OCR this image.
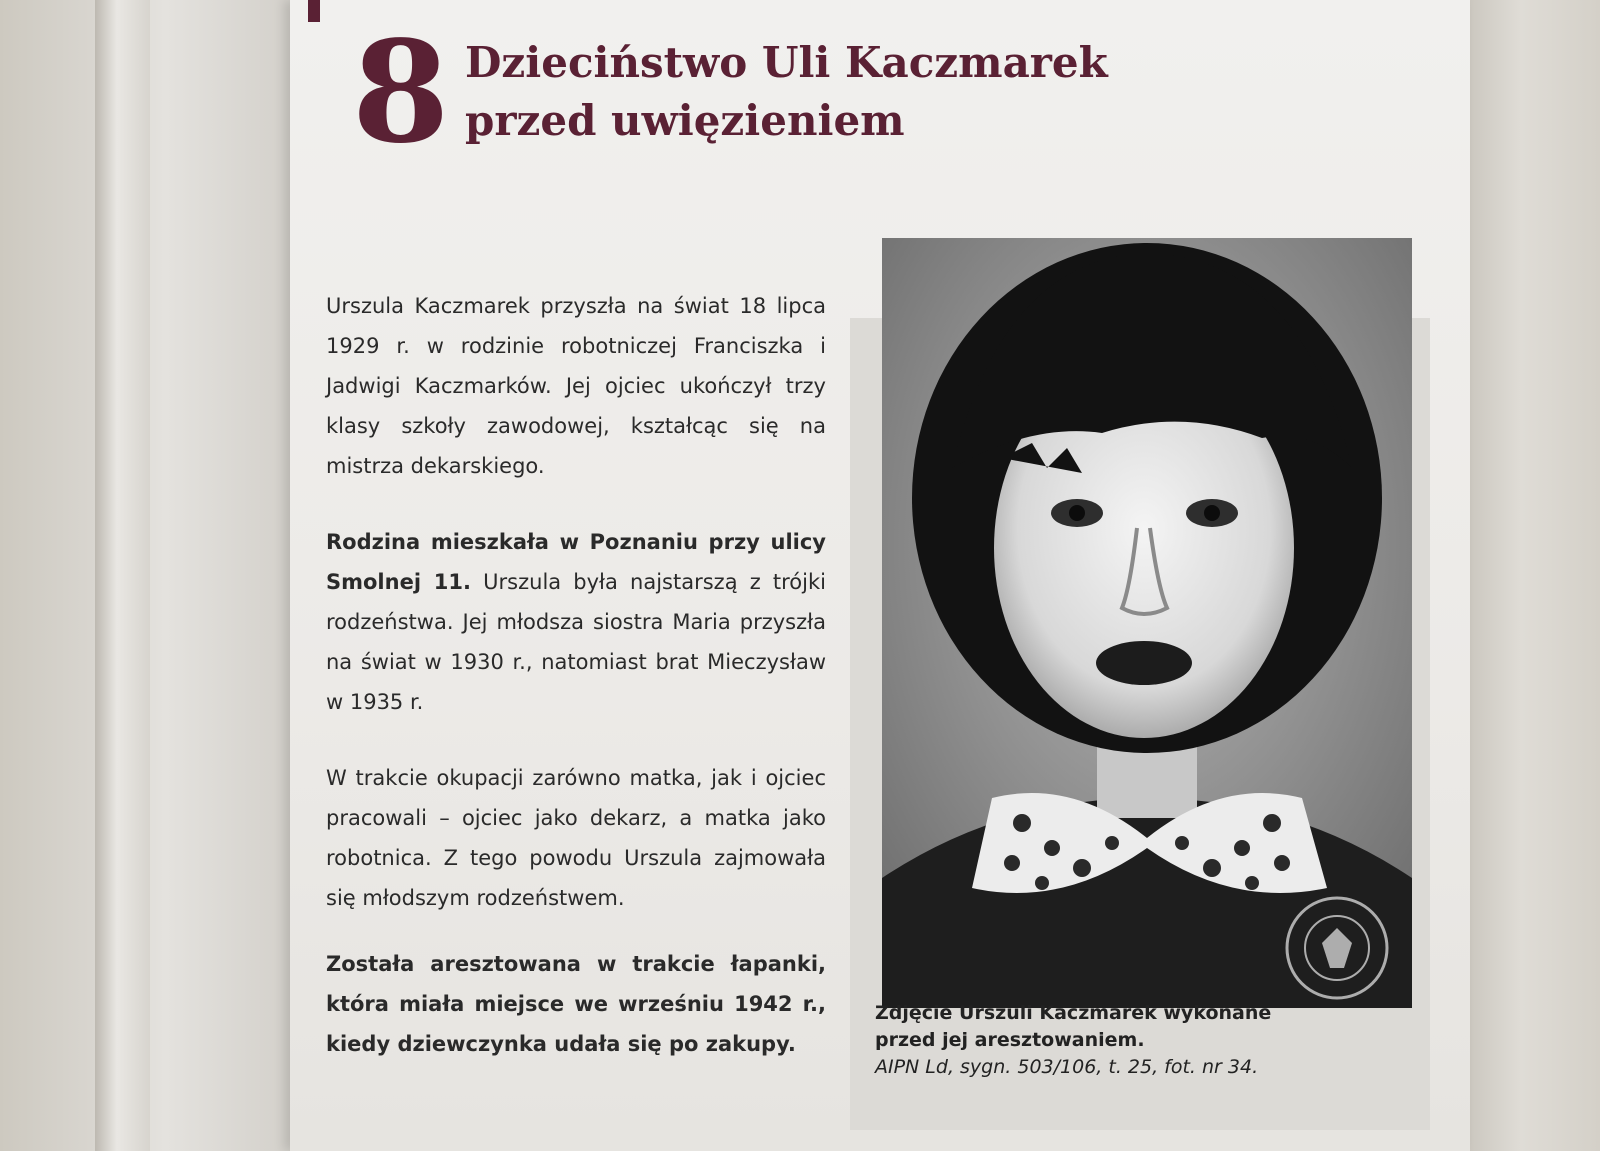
8 Dzieciństwo Uli Kaczmarek
przed uwięzieniem

Urszula Kaczmarek przyszła na świat 18 lipca 1929 r. w rodzinie robotniczej Franciszka i Jadwigi Kaczmarków. Jej ojciec ukończył trzy klasy szkoły zawodowej, kształcąc się na mistrza dekarskiego.

Rodzina mieszkała w Poznaniu przy ulicy Smolnej 11. Urszula była najstarszą z trójki rodzeństwa. Jej młodsza siostra Maria przyszła na świat w 1930 r., natomiast brat Mieczysław w 1935 r.

W trakcie okupacji zarówno matka, jak i ojciec pracowali – ojciec jako dekarz, a matka jako robotnica. Z tego powodu Urszula zajmowała się młodszym rodzeństwem.

Została aresztowana w trakcie łapanki, która miała miejsce we wrześniu 1942 r., kiedy dziewczynka udała się po zakupy.

Zdjęcie Urszuli Kaczmarek wykonane
przed jej aresztowaniem.
AIPN Ld, sygn. 503/106, t. 25, fot. nr 34.
